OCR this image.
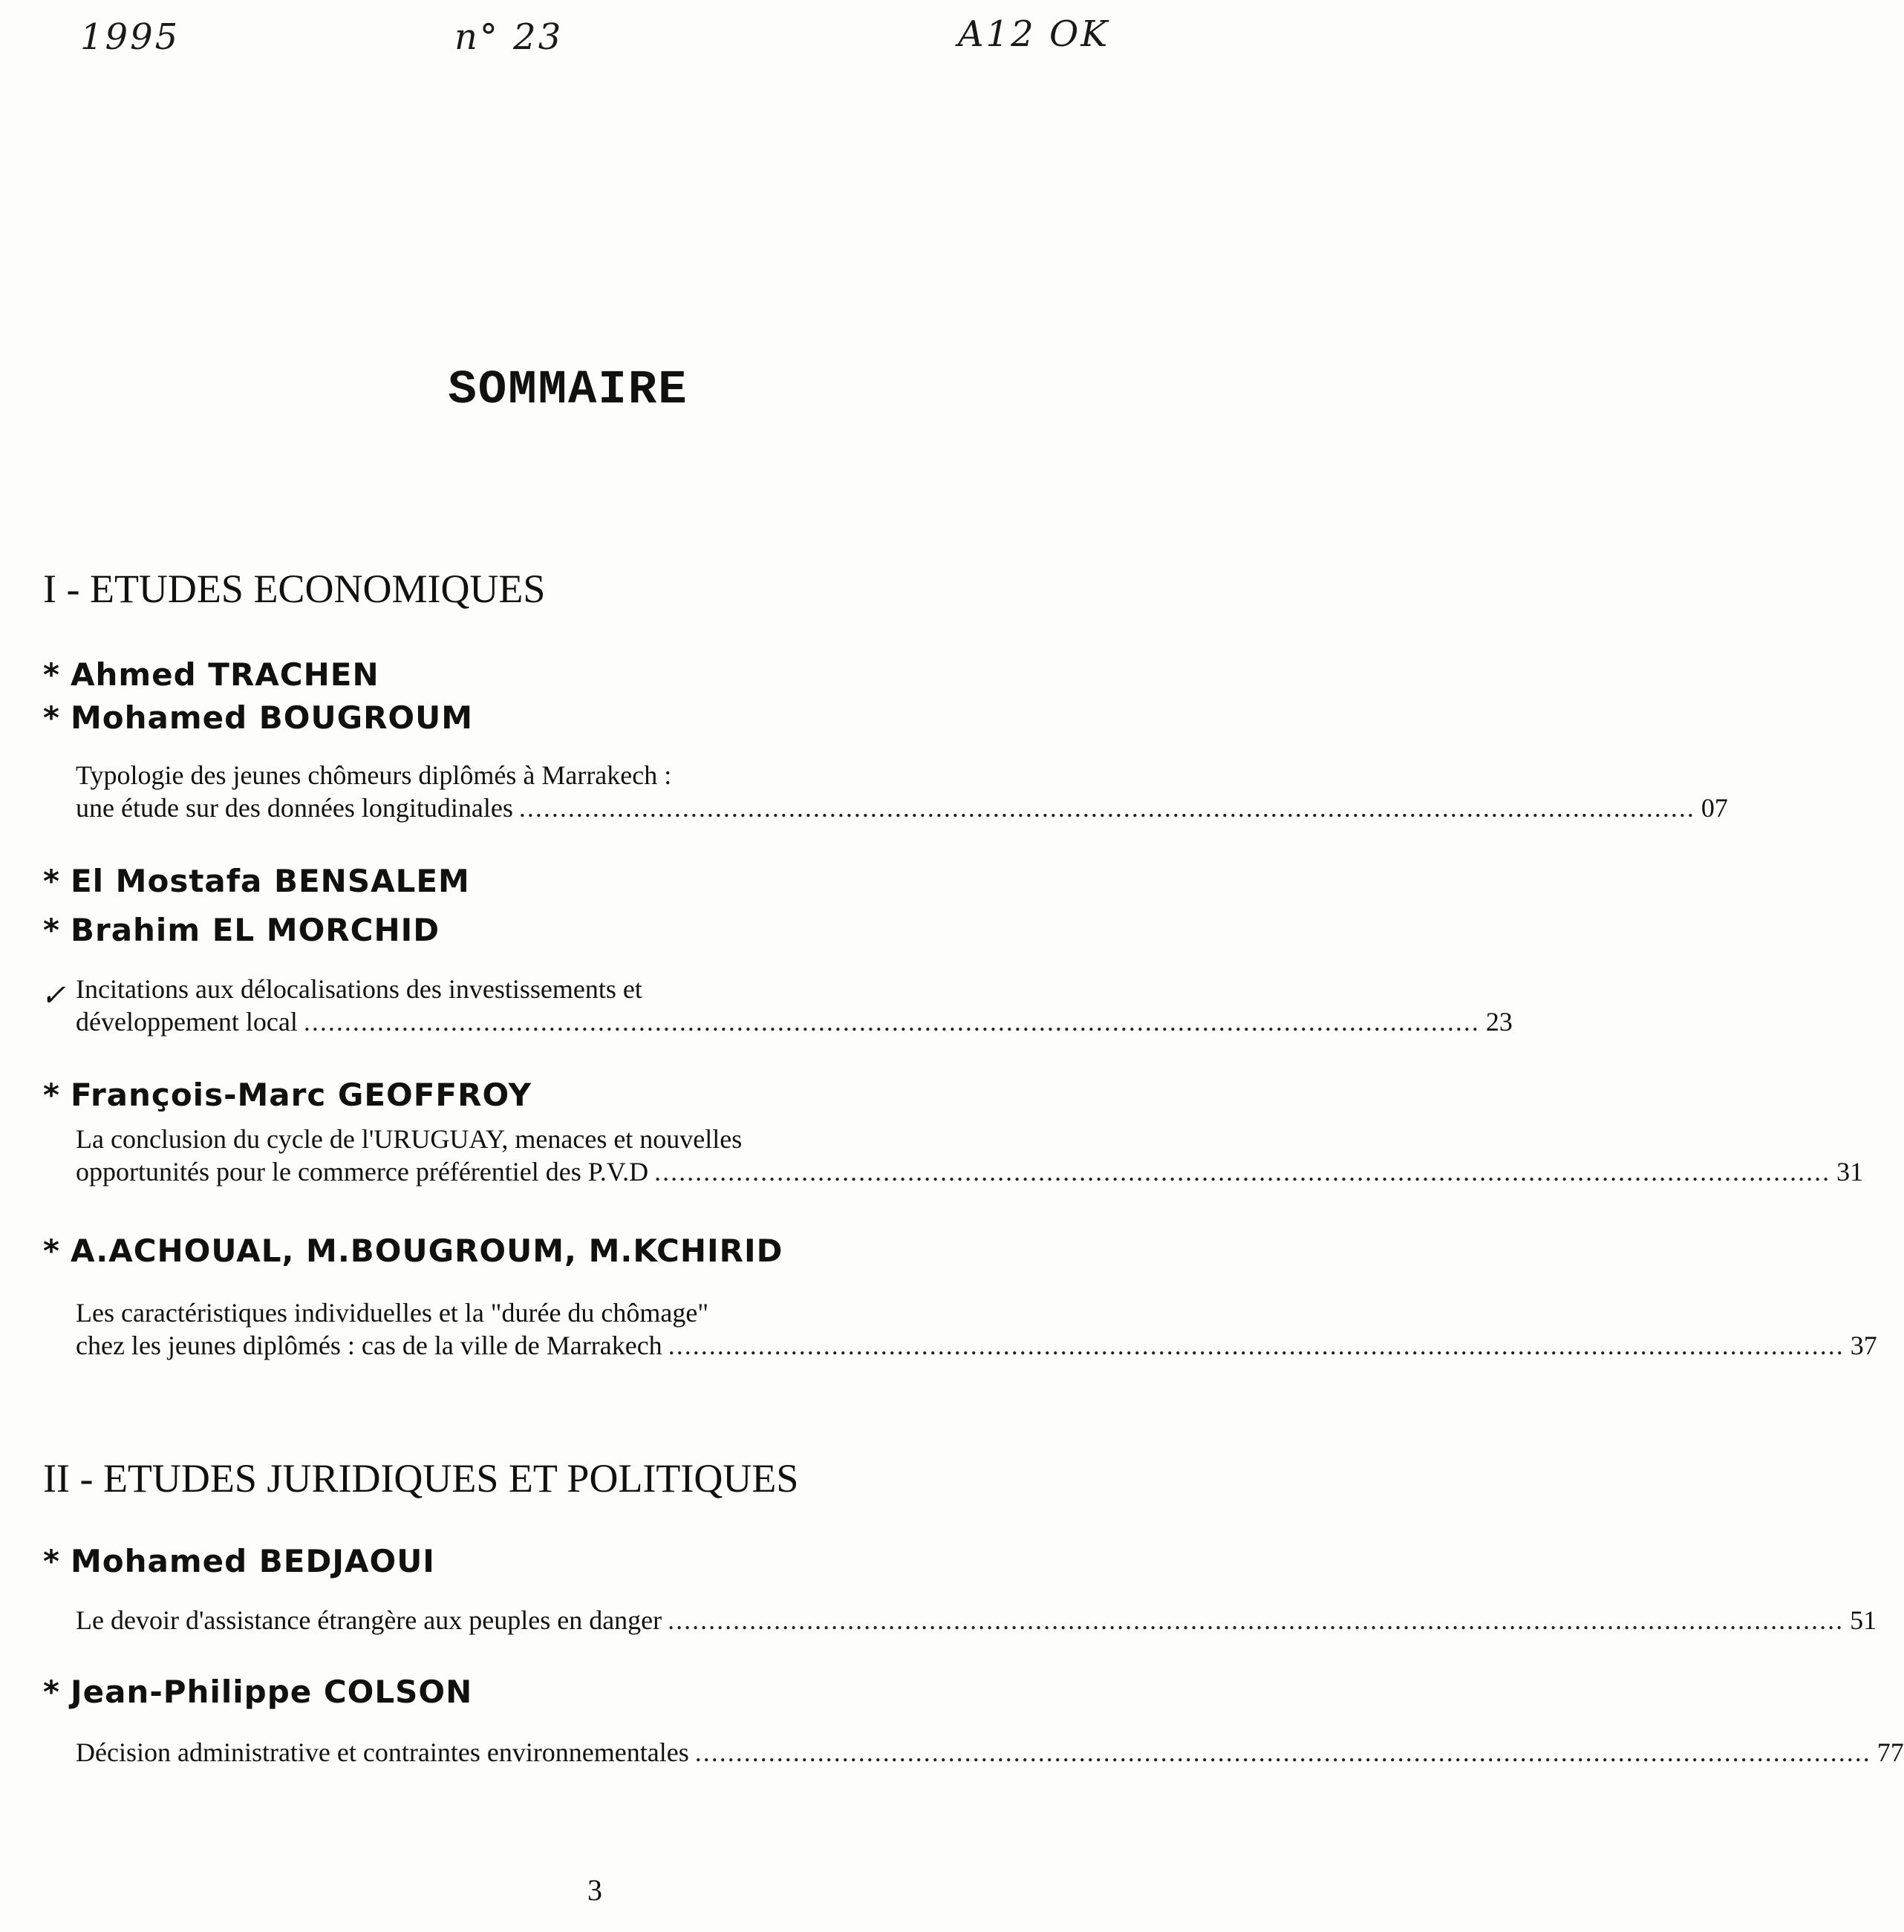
1995	n° 23	A12 OK
SOMMAIRE
I - ETUDES ECONOMIQUES
* Ahmed TRACHEN
* Mohamed BOUGROUM
Typologie des jeunes chômeurs diplômés à Marrakech :
une étude sur des données longitudinales ................................................................................................................................................ 07
* El Mostafa BENSALEM
* Brahim EL MORCHID
✓ Incitations aux délocalisations des investissements et
développement local ................................................................................................................................................ 23
* François-Marc GEOFFROY
La conclusion du cycle de l'URUGUAY, menaces et nouvelles
opportunités pour le commerce préférentiel des P.V.D ................................................................................................................................................ 31
* A.ACHOUAL, M.BOUGROUM, M.KCHIRID
Les caractéristiques individuelles et la "durée du chômage"
chez les jeunes diplômés : cas de la ville de Marrakech ................................................................................................................................................ 37
II - ETUDES JURIDIQUES ET POLITIQUES
* Mohamed BEDJAOUI
Le devoir d'assistance étrangère aux peuples en danger ................................................................................................................................................ 51
* Jean-Philippe COLSON
Décision administrative et contraintes environnementales ................................................................................................................................................ 77
3
